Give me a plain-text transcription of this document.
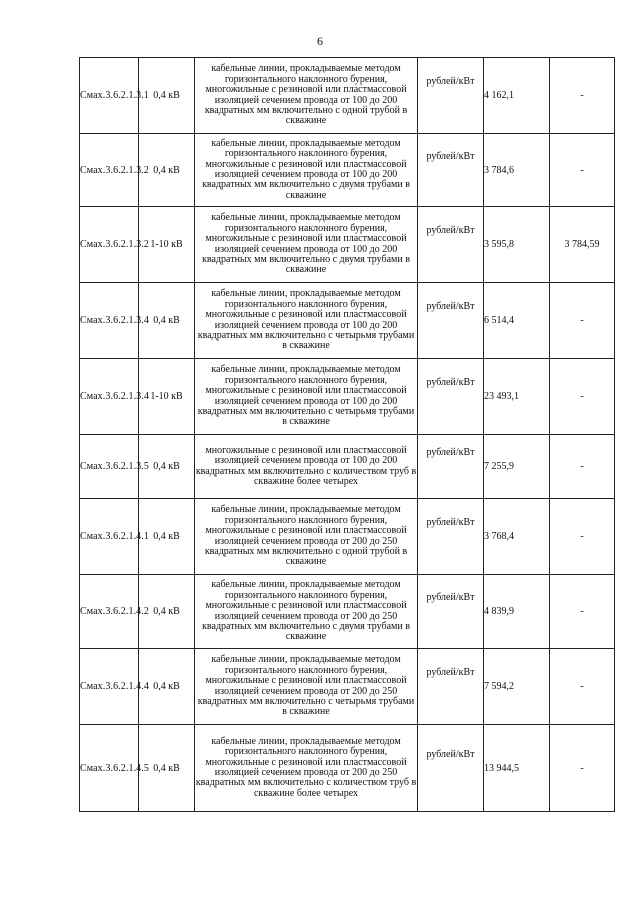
6
Смах.3.6.2.1.3.1	0,4 кВ	кабельные линии, прокладываемые методом горизонтального наклонного бурения, многожильные с резиновой или пластмассовой изоляцией сечением провода от 100 до 200 квадратных мм включительно с одной трубой в скважине	рублей/кВт	4 162,1	-
Смах.3.6.2.1.3.2	0,4 кВ	кабельные линии, прокладываемые методом горизонтального наклонного бурения, многожильные с резиновой или пластмассовой изоляцией сечением провода от 100 до 200 квадратных мм включительно с двумя трубами в скважине	рублей/кВт	3 784,6	-
Смах.3.6.2.1.3.2	1-10 кВ	кабельные линии, прокладываемые методом горизонтального наклонного бурения, многожильные с резиновой или пластмассовой изоляцией сечением провода от 100 до 200 квадратных мм включительно с двумя трубами в скважине	рублей/кВт	3 595,8	3 784,59
Смах.3.6.2.1.3.4	0,4 кВ	кабельные линии, прокладываемые методом горизонтального наклонного бурения, многожильные с резиновой или пластмассовой изоляцией сечением провода от 100 до 200 квадратных мм включительно с четырьмя трубами в скважине	рублей/кВт	6 514,4	-
Смах.3.6.2.1.3.4	1-10 кВ	кабельные линии, прокладываемые методом горизонтального наклонного бурения, многожильные с резиновой или пластмассовой изоляцией сечением провода от 100 до 200 квадратных мм включительно с четырьмя трубами в скважине	рублей/кВт	23 493,1	-
Смах.3.6.2.1.3.5	0,4 кВ	многожильные с резиновой или пластмассовой изоляцией сечением провода от 100 до 200 квадратных мм включительно с количеством труб в скважине более четырех	рублей/кВт	7 255,9	-
Смах.3.6.2.1.4.1	0,4 кВ	кабельные линии, прокладываемые методом горизонтального наклонного бурения, многожильные с резиновой или пластмассовой изоляцией сечением провода от 200 до 250 квадратных мм включительно с одной трубой в скважине	рублей/кВт	3 768,4	-
Смах.3.6.2.1.4.2	0,4 кВ	кабельные линии, прокладываемые методом горизонтального наклонного бурения, многожильные с резиновой или пластмассовой изоляцией сечением провода от 200 до 250 квадратных мм включительно с двумя трубами в скважине	рублей/кВт	4 839,9	-
Смах.3.6.2.1.4.4	0,4 кВ	кабельные линии, прокладываемые методом горизонтального наклонного бурения, многожильные с резиновой или пластмассовой изоляцией сечением провода от 200 до 250 квадратных мм включительно с четырьмя трубами в скважине	рублей/кВт	7 594,2	-
Смах.3.6.2.1.4.5	0,4 кВ	кабельные линии, прокладываемые методом горизонтального наклонного бурения, многожильные с резиновой или пластмассовой изоляцией сечением провода от 200 до 250 квадратных мм включительно с количеством труб в скважине более четырех	рублей/кВт	13 944,5	-
